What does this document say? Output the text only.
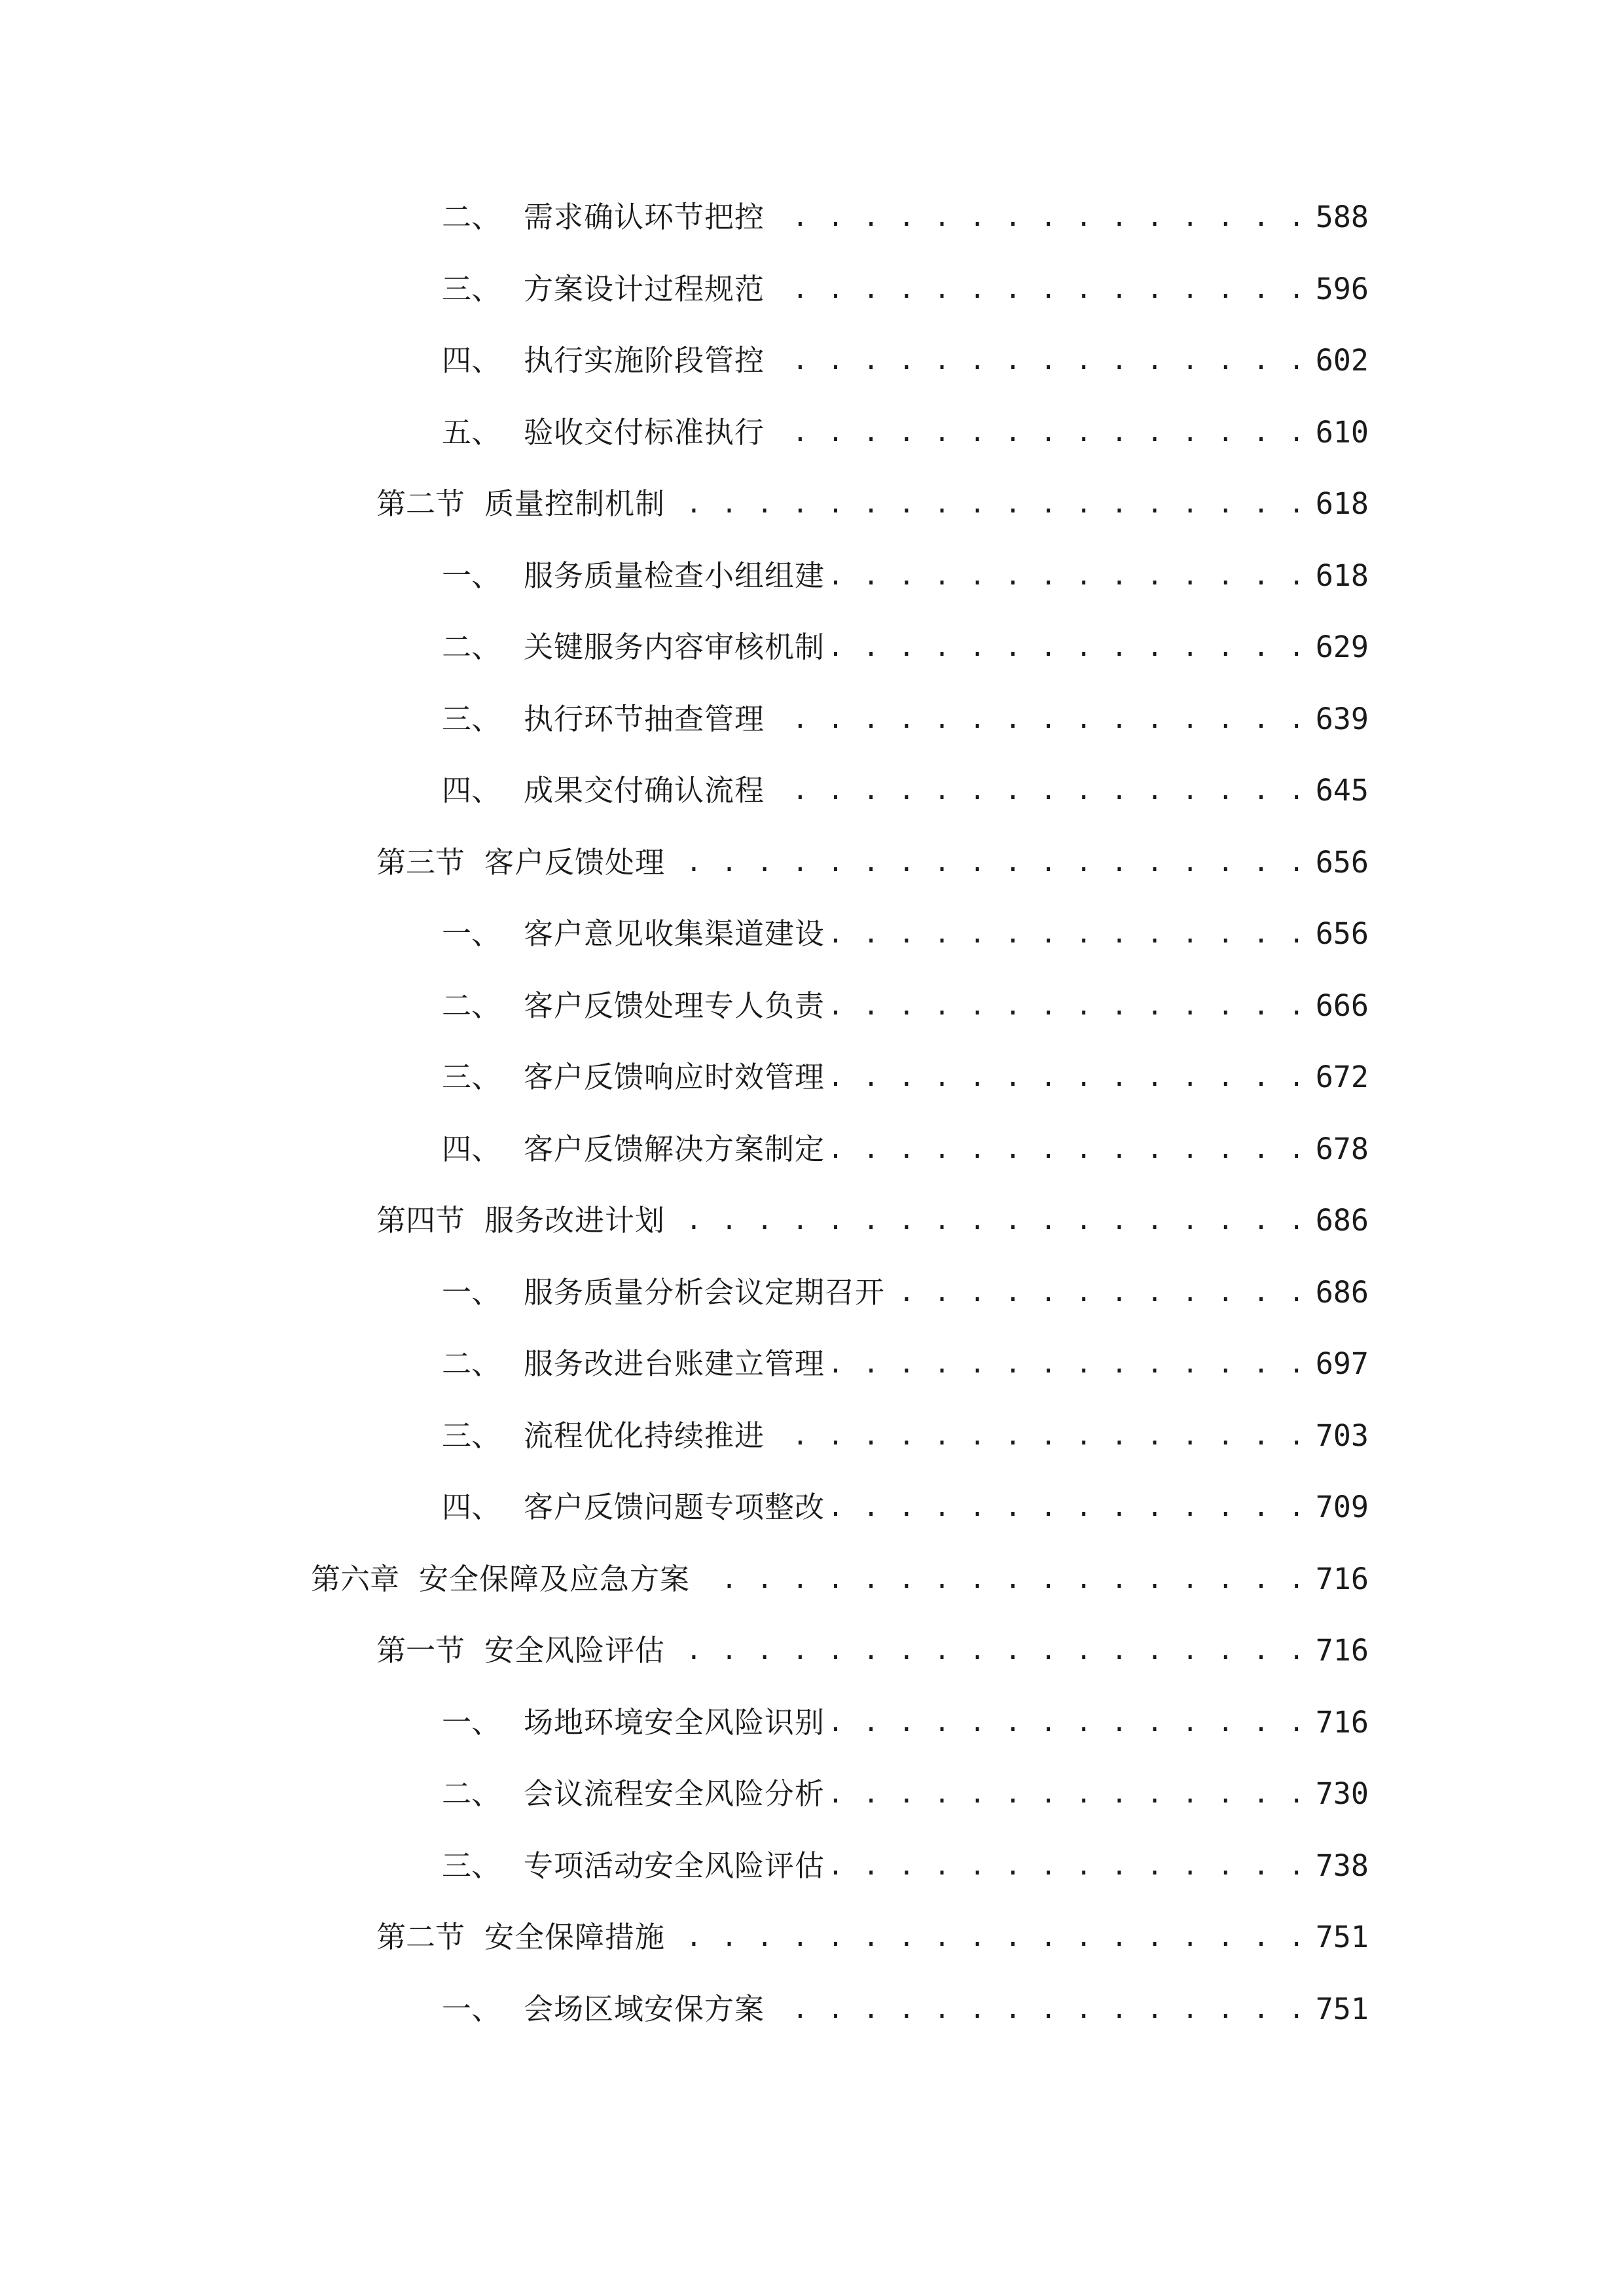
二、 需求确认环节把控 . . .	588
三、 方案设计过程规范 . . .	596
四、 执行实施阶段管控 . . .	602
五、 验收交付标准执行 . . .	610
第二节 质量控制机制 . . .	618
一、 服务质量检查小组组建 . . .	618
二、 关键服务内容审核机制 . . .	629
三、 执行环节抽查管理 . . .	639
四、 成果交付确认流程 . . .	645
第三节 客户反馈处理 . . .	656
一、 客户意见收集渠道建设 . . .	656
二、 客户反馈处理专人负责 . . .	666
三、 客户反馈响应时效管理 . . .	672
四、 客户反馈解决方案制定 . . .	678
第四节 服务改进计划 . . .	686
一、 服务质量分析会议定期召开 . . .	686
二、 服务改进台账建立管理 . . .	697
三、 流程优化持续推进 . . .	703
四、 客户反馈问题专项整改 . . .	709
第六章 安全保障及应急方案 . . .	716
第一节 安全风险评估 . . .	716
一、 场地环境安全风险识别 . . .	716
二、 会议流程安全风险分析 . . .	730
三、 专项活动安全风险评估 . . .	738
第二节 安全保障措施 . . .	751
一、 会场区域安保方案 . . .	751
